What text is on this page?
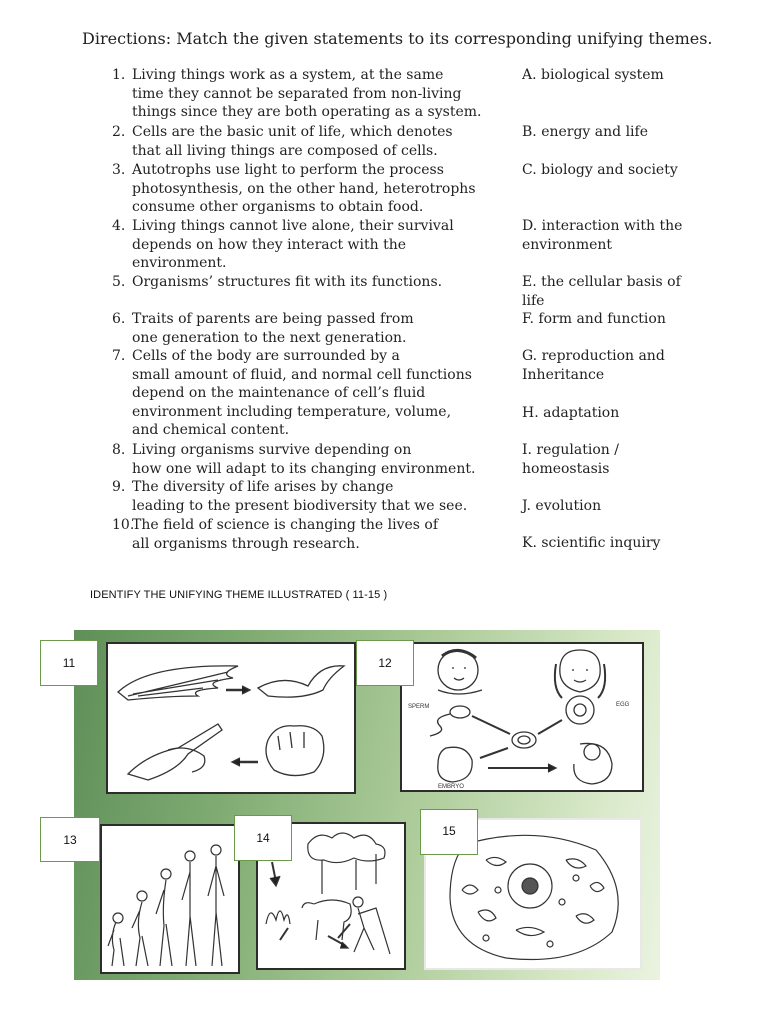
Directions: Match the given statements to its corresponding unifying themes.
1. Living things work as a system, at the same
time they cannot be separated from non-living
things since they are both operating as a system.
2. Cells are the basic unit of life, which denotes
that all living things are composed of cells.
3. Autotrophs use light to perform the process
photosynthesis, on the other hand, heterotrophs
consume other organisms to obtain food.
4. Living things cannot live alone, their survival
depends on how they interact with the
environment.
5. Organisms’ structures fit with its functions.
6. Traits of parents are being passed from
one generation to the next generation.
7. Cells of the body are surrounded by a
small amount of fluid, and normal cell functions
depend on the maintenance of cell’s fluid
environment including temperature, volume,
and chemical content.
8. Living organisms survive depending on
how one will adapt to its changing environment.
9. The diversity of life arises by change
leading to the present biodiversity that we see.
10.
The field of science is changing the lives of
all organisms through research.
A. biological system
B. energy and life
C. biology and society
D. interaction with the
environment
E. the cellular basis of
life
F. form and function
G. reproduction and
Inheritance
H. adaptation
I. regulation /
homeostasis
J. evolution
K. scientific inquiry
IDENTIFY THE UNIFYING THEME ILLUSTRATED ( 11-15 )
SPERM	EGG
EMBRYO
11	12
13	14	15
